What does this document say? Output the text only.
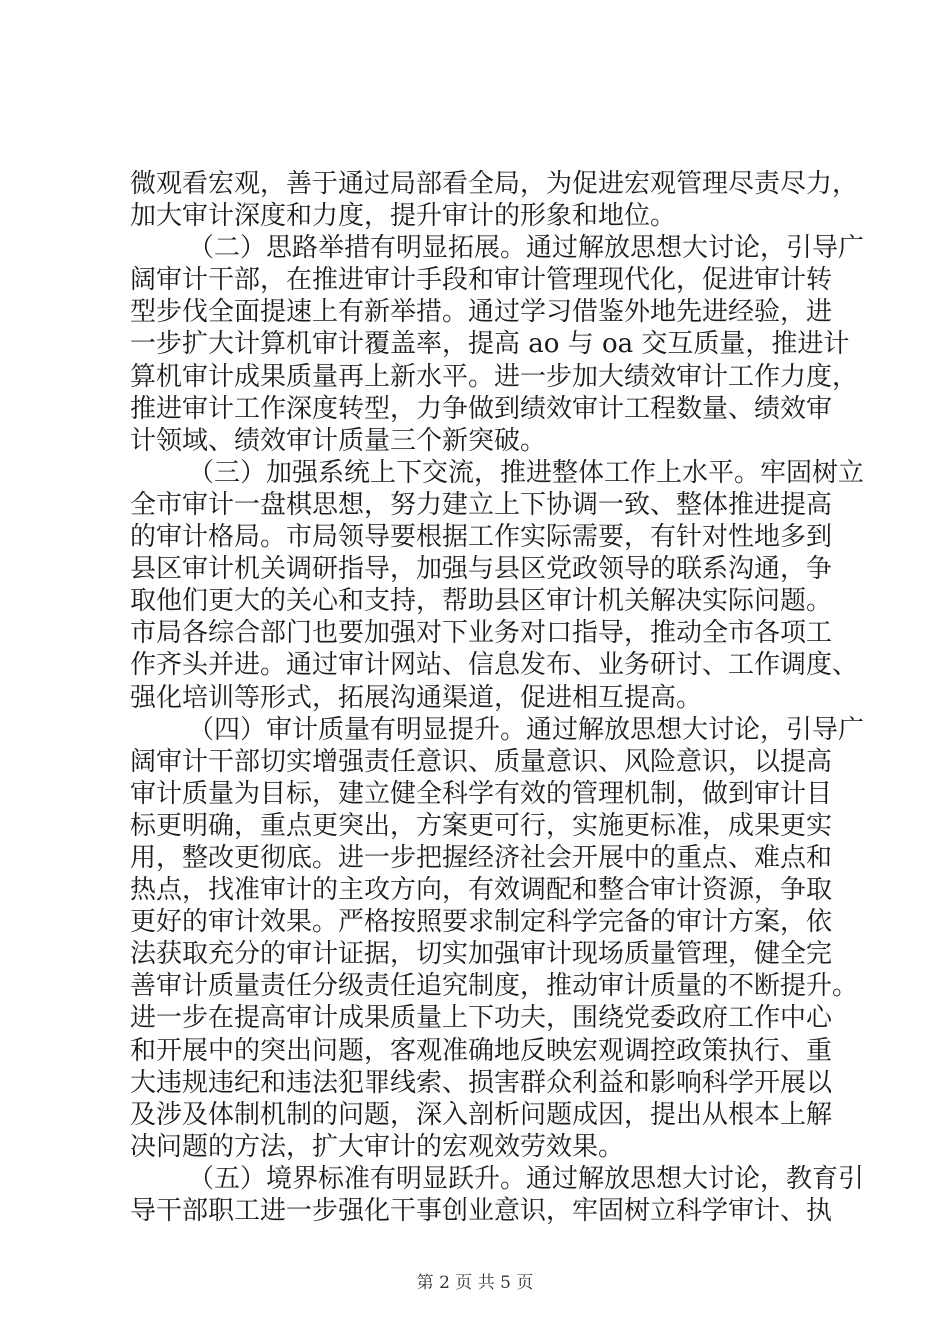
微观看宏观，善于通过局部看全局，为促进宏观管理尽责尽力，
加大审计深度和力度，提升审计的形象和地位。
（二）思路举措有明显拓展。通过解放思想大讨论，引导广
阔审计干部，在推进审计手段和审计管理现代化，促进审计转
型步伐全面提速上有新举措。通过学习借鉴外地先进经验，进
一步扩大计算机审计覆盖率，提高 ao 与 oa 交互质量，推进计
算机审计成果质量再上新水平。进一步加大绩效审计工作力度，
推进审计工作深度转型，力争做到绩效审计工程数量、绩效审
计领域、绩效审计质量三个新突破。
（三）加强系统上下交流，推进整体工作上水平。牢固树立
全市审计一盘棋思想，努力建立上下协调一致、整体推进提高
的审计格局。市局领导要根据工作实际需要，有针对性地多到
县区审计机关调研指导，加强与县区党政领导的联系沟通，争
取他们更大的关心和支持，帮助县区审计机关解决实际问题。
市局各综合部门也要加强对下业务对口指导，推动全市各项工
作齐头并进。通过审计网站、信息发布、业务研讨、工作调度、
强化培训等形式，拓展沟通渠道，促进相互提高。
（四）审计质量有明显提升。通过解放思想大讨论，引导广
阔审计干部切实增强责任意识、质量意识、风险意识，以提高
审计质量为目标，建立健全科学有效的管理机制，做到审计目
标更明确，重点更突出，方案更可行，实施更标准，成果更实
用，整改更彻底。进一步把握经济社会开展中的重点、难点和
热点，找准审计的主攻方向，有效调配和整合审计资源，争取
更好的审计效果。严格按照要求制定科学完备的审计方案，依
法获取充分的审计证据，切实加强审计现场质量管理，健全完
善审计质量责任分级责任追究制度，推动审计质量的不断提升。
进一步在提高审计成果质量上下功夫，围绕党委政府工作中心
和开展中的突出问题，客观准确地反映宏观调控政策执行、重
大违规违纪和违法犯罪线索、损害群众利益和影响科学开展以
及涉及体制机制的问题，深入剖析问题成因，提出从根本上解
决问题的方法，扩大审计的宏观效劳效果。
（五）境界标准有明显跃升。通过解放思想大讨论，教育引
导干部职工进一步强化干事创业意识，牢固树立科学审计、执
第 2 页 共 5 页
